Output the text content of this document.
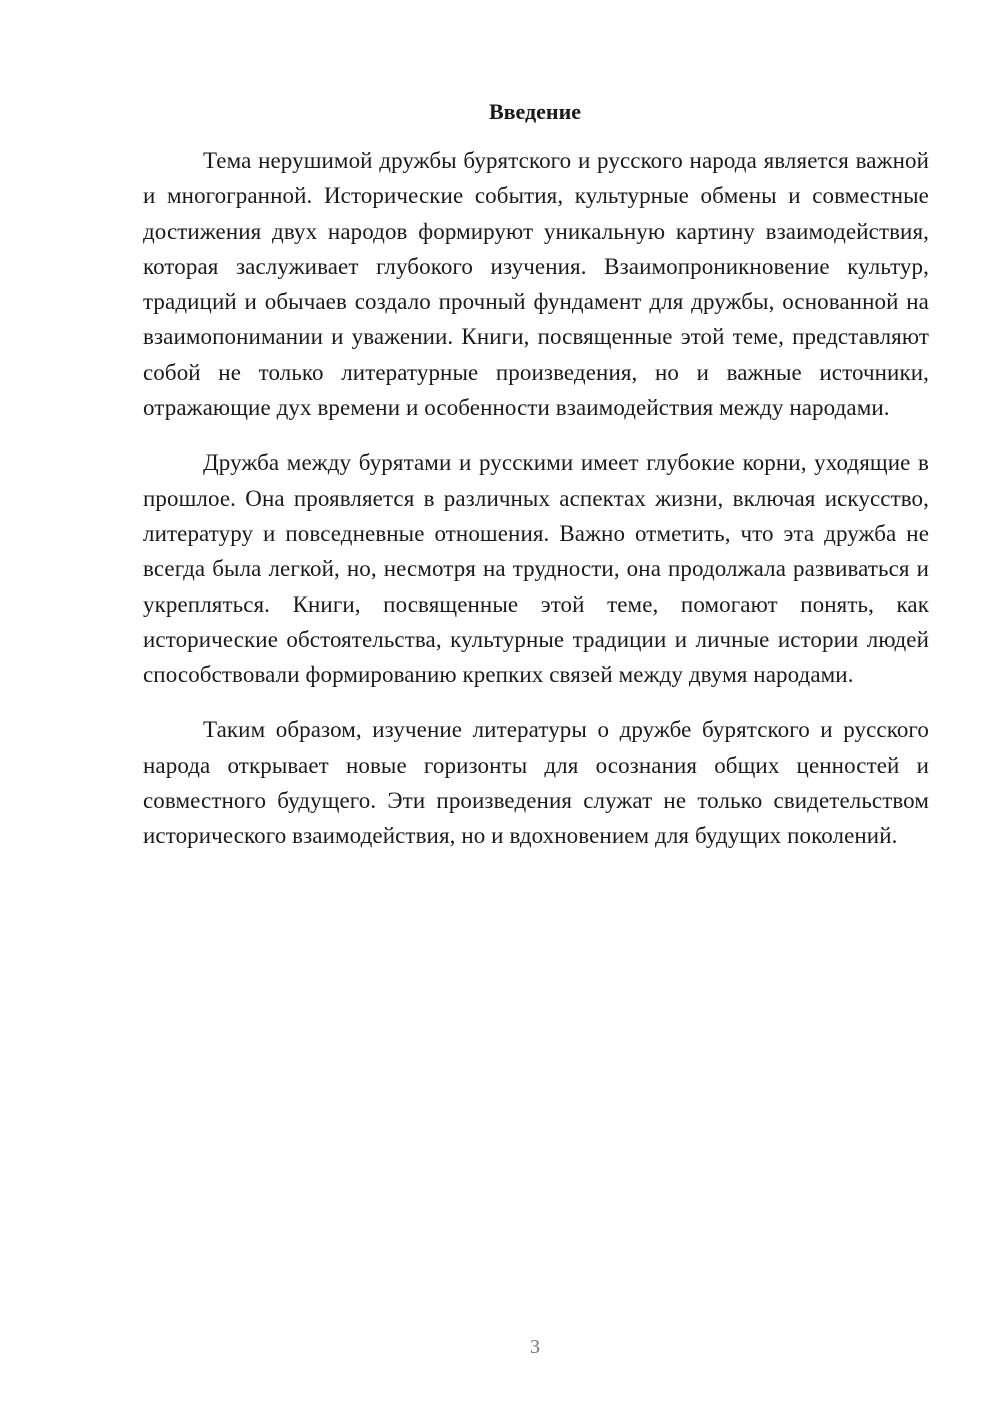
Введение

Тема нерушимой дружбы бурятского и русского народа является важной и многогранной. Исторические события, культурные обмены и совместные достижения двух народов формируют уникальную картину взаимодействия, которая заслуживает глубокого изучения. Взаимопроникновение культур, традиций и обычаев создало прочный фундамент для дружбы, основанной на взаимопонимании и уважении. Книги, посвященные этой теме, представляют собой не только литературные произведения, но и важные источники, отражающие дух времени и особенности взаимодействия между народами.

Дружба между бурятами и русскими имеет глубокие корни, уходящие в прошлое. Она проявляется в различных аспектах жизни, включая искусство, литературу и повседневные отношения. Важно отметить, что эта дружба не всегда была легкой, но, несмотря на трудности, она продолжала развиваться и укрепляться. Книги, посвященные этой теме, помогают понять, как исторические обстоятельства, культурные традиции и личные истории людей способствовали формированию крепких связей между двумя народами.

Таким образом, изучение литературы о дружбе бурятского и русского народа открывает новые горизонты для осознания общих ценностей и совместного будущего. Эти произведения служат не только свидетельством исторического взаимодействия, но и вдохновением для будущих поколений.

3
